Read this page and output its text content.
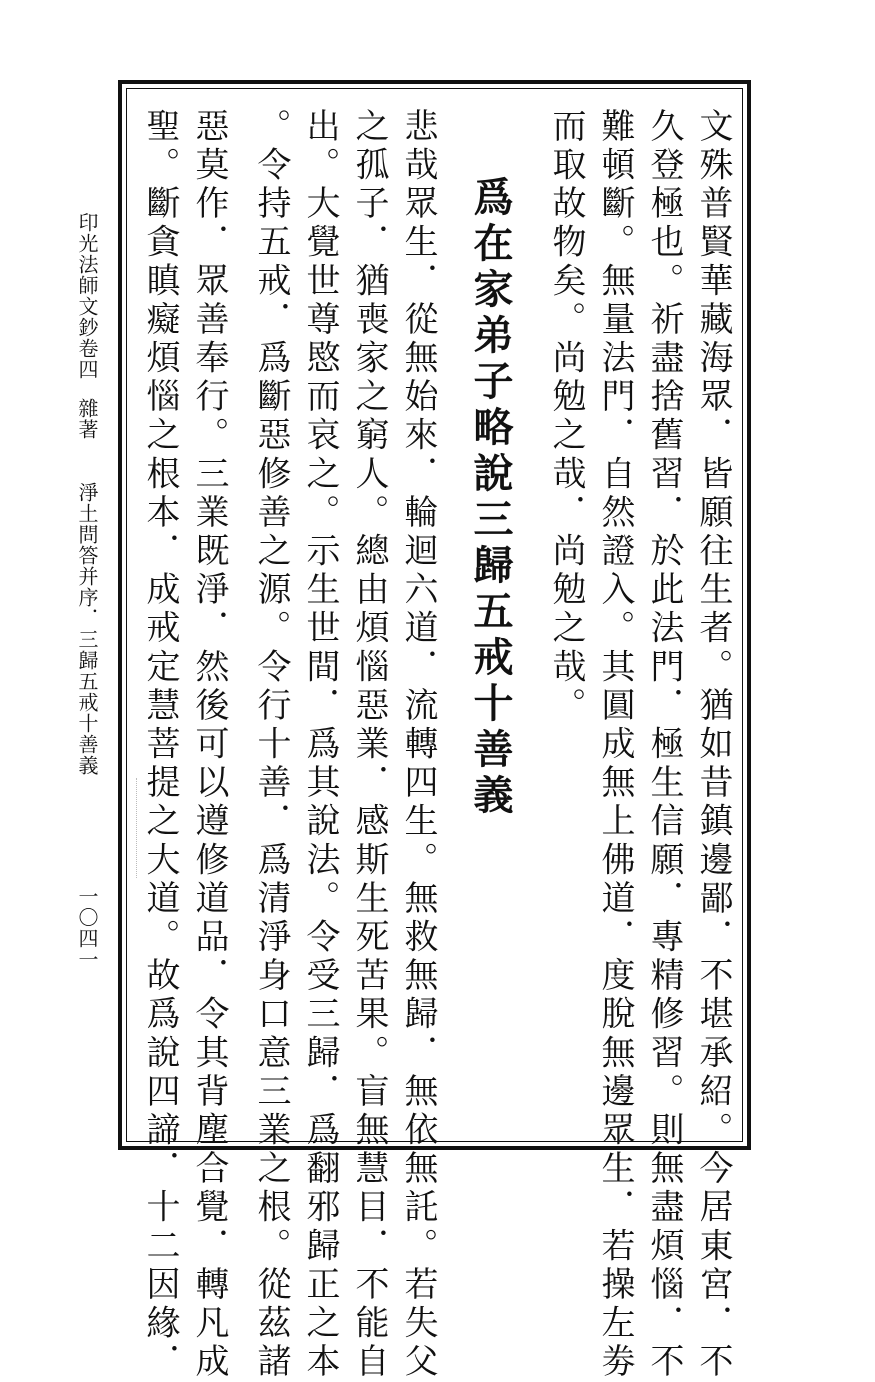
文殊普賢華藏海眾．皆願往生者。猶如昔鎮邊鄙．不堪承紹。今居東宮．不
久登極也。祈盡捨舊習．於此法門．極生信願．專精修習。則無盡煩惱．不
難頓斷。無量法門．自然證入。其圓成無上佛道．度脫無邊眾生．若操左劵
而取故物矣。尚勉之哉．尚勉之哉。
爲在家弟子略說三歸五戒十善義
悲哉眾生．從無始來．輪迴六道．流轉四生。無救無歸．無依無託。若失父
之孤子．猶喪家之窮人。總由煩惱惡業．感斯生死苦果。盲無慧目．不能自
出。大覺世尊愍而哀之。示生世間．爲其說法。令受三歸．爲翻邪歸正之本
。令持五戒．爲斷惡修善之源。令行十善．爲清淨身口意三業之根。從茲諸
惡莫作．眾善奉行。三業既淨．然後可以遵修道品．令其背塵合覺．轉凡成
聖。斷貪瞋癡煩惱之根本．成戒定慧菩提之大道。故爲說四諦．十二因緣．
印光法師文鈔卷四
雜著
淨土問答并序．三歸五戒十善義
一〇四一
